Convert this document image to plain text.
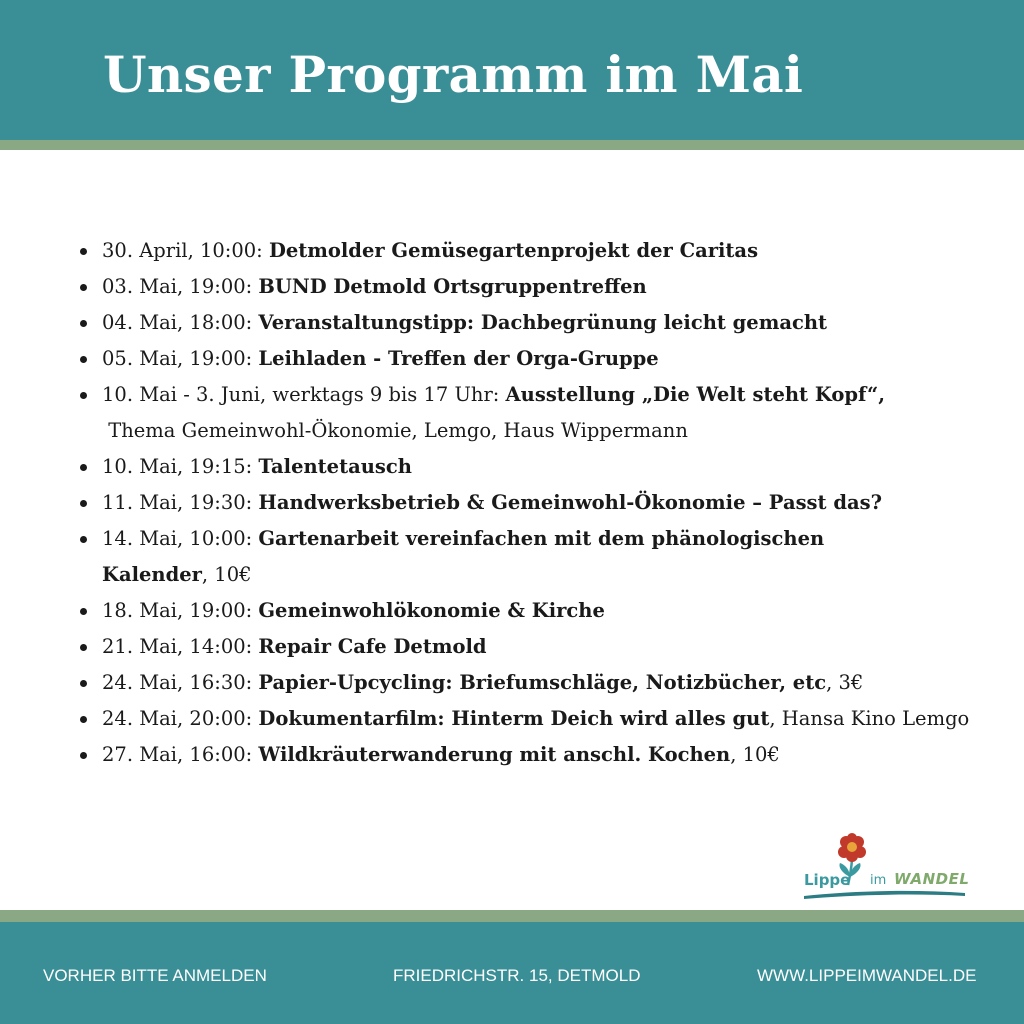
Unser Programm im Mai
30. April, 10:00: Detmolder Gemüsegartenprojekt der Caritas
03. Mai, 19:00: BUND Detmold Ortsgruppentreffen
04. Mai, 18:00: Veranstaltungstipp: Dachbegrünung leicht gemacht
05. Mai, 19:00: Leihladen - Treffen der Orga-Gruppe
10. Mai - 3. Juni, werktags 9 bis 17 Uhr: Ausstellung „Die Welt steht Kopf“, Thema Gemeinwohl-Ökonomie, Lemgo, Haus Wippermann
10. Mai, 19:15: Talentetausch
11. Mai, 19:30: Handwerksbetrieb & Gemeinwohl-Ökonomie – Passt das?
14. Mai, 10:00: Gartenarbeit vereinfachen mit dem phänologischen Kalender, 10€
18. Mai, 19:00: Gemeinwohlökonomie & Kirche
21. Mai, 14:00: Repair Cafe Detmold
24. Mai, 16:30: Papier-Upcycling: Briefumschläge, Notizbücher, etc, 3€
24. Mai, 20:00: Dokumentarfilm: Hinterm Deich wird alles gut, Hansa Kino Lemgo
27. Mai, 16:00: Wildkräuterwanderung mit anschl. Kochen, 10€
Lippe im WANDEL

VORHER BITTE ANMELDEN	FRIEDRICHSTR. 15, DETMOLD	WWW.LIPPEIMWANDEL.DE
